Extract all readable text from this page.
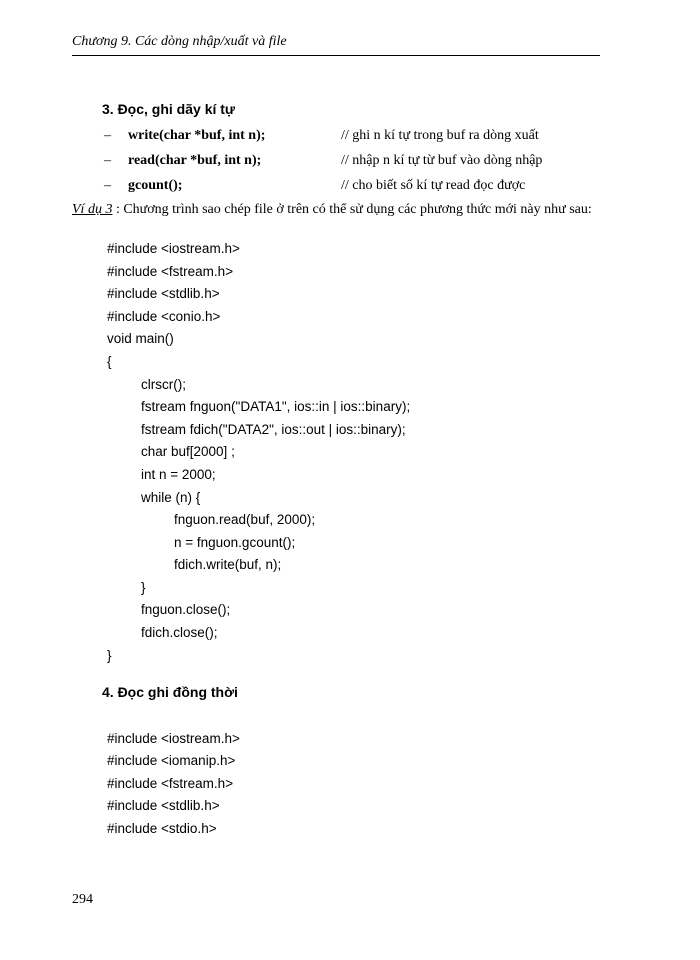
Chương 9. Các dòng nhập/xuất và file
3. Đọc, ghi dãy kí tự
– write(char *buf, int n);	// ghi n kí tự trong buf ra dòng xuất
– read(char *buf, int n);	// nhập n kí tự từ buf vào dòng nhập
– gcount();	// cho biết số kí tự read đọc được
Ví dụ 3 : Chương trình sao chép file ở trên có thể sử dụng các phương thức mới này như sau:
#include <iostream.h>
#include <fstream.h>
#include <stdlib.h>
#include <conio.h>
void main()
{
clrscr();
fstream fnguon("DATA1", ios::in | ios::binary);
fstream fdich("DATA2", ios::out | ios::binary);
char buf[2000] ;
int n = 2000;
while (n) {
fnguon.read(buf, 2000);
n = fnguon.gcount();
fdich.write(buf, n);
}
fnguon.close();
fdich.close();
}
4. Đọc ghi đồng thời
#include <iostream.h>
#include <iomanip.h>
#include <fstream.h>
#include <stdlib.h>
#include <stdio.h>
294
